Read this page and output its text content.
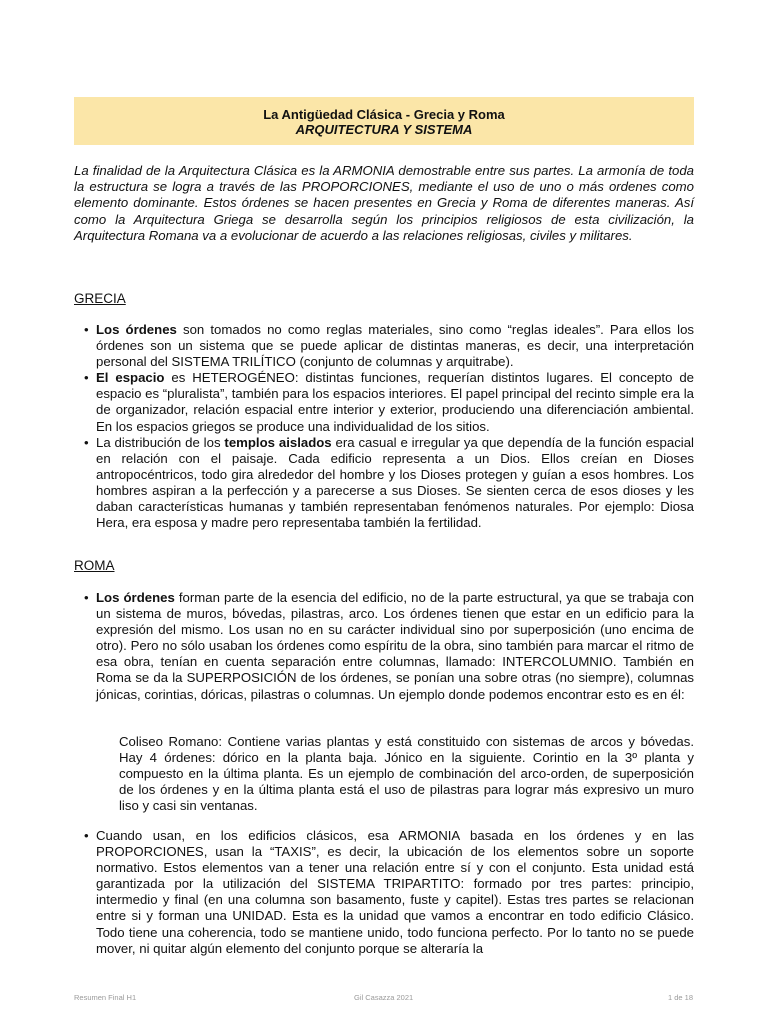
La Antigüedad Clásica - Grecia y Roma
ARQUITECTURA Y SISTEMA
La finalidad de la Arquitectura Clásica es la ARMONIA demostrable entre sus partes. La armonía de toda la estructura se logra a través de las PROPORCIONES, mediante el uso de uno o más ordenes como elemento dominante. Estos órdenes se hacen presentes en Grecia y Roma de diferentes maneras. Así como la Arquitectura Griega se desarrolla según los principios religiosos de esta civilización, la Arquitectura Romana va a evolucionar de acuerdo a las relaciones religiosas, civiles y militares.
GRECIA
• Los órdenes son tomados no como reglas materiales, sino como “reglas ideales”. Para ellos los órdenes son un sistema que se puede aplicar de distintas maneras, es decir, una interpretación personal del SISTEMA TRILÍTICO (conjunto de columnas y arquitrabe).
• El espacio es HETEROGÉNEO: distintas funciones, requerían distintos lugares. El concepto de espacio es “pluralista”, también para los espacios interiores. El papel principal del recinto simple era la de organizador, relación espacial entre interior y exterior, produciendo una diferenciación ambiental. En los espacios griegos se produce una individualidad de los sitios.
• La distribución de los templos aislados era casual e irregular ya que dependía de la función espacial en relación con el paisaje. Cada edificio representa a un Dios. Ellos creían en Dioses antropocéntricos, todo gira alrededor del hombre y los Dioses protegen y guían a esos hombres. Los hombres aspiran a la perfección y a parecerse a sus Dioses. Se sienten cerca de esos dioses y les daban características humanas y también representaban fenómenos naturales. Por ejemplo: Diosa Hera, era esposa y madre pero representaba también la fertilidad.
ROMA
• Los órdenes forman parte de la esencia del edificio, no de la parte estructural, ya que se trabaja con un sistema de muros, bóvedas, pilastras, arco. Los órdenes tienen que estar en un edificio para la expresión del mismo. Los usan no en su carácter individual sino por superposición (uno encima de otro). Pero no sólo usaban los órdenes como espíritu de la obra, sino también para marcar el ritmo de esa obra, tenían en cuenta separación entre columnas, llamado: INTERCOLUMNIO. También en Roma se da la SUPERPOSICIÓN de los órdenes, se ponían una sobre otras (no siempre), columnas jónicas, corintias, dóricas, pilastras o columnas. Un ejemplo donde podemos encontrar esto es en él:
Coliseo Romano: Contiene varias plantas y está constituido con sistemas de arcos y bóvedas. Hay 4 órdenes: dórico en la planta baja. Jónico en la siguiente. Corintio en la 3º planta y compuesto en la última planta. Es un ejemplo de combinación del arco-orden, de superposición de los órdenes y en la última planta está el uso de pilastras para lograr más expresivo un muro liso y casi sin ventanas.
• Cuando usan, en los edificios clásicos, esa ARMONIA basada en los órdenes y en las PROPORCIONES, usan la “TAXIS”, es decir, la ubicación de los elementos sobre un soporte normativo. Estos elementos van a tener una relación entre sí y con el conjunto. Esta unidad está garantizada por la utilización del SISTEMA TRIPARTITO: formado por tres partes: principio, intermedio y final (en una columna son basamento, fuste y capitel). Estas tres partes se relacionan entre si y forman una UNIDAD. Esta es la unidad que vamos a encontrar en todo edificio Clásico. Todo tiene una coherencia, todo se mantiene unido, todo funciona perfecto. Por lo tanto no se puede mover, ni quitar algún elemento del conjunto porque se alteraría la
Resumen Final H1	Gil Casazza 2021	1 de 18
